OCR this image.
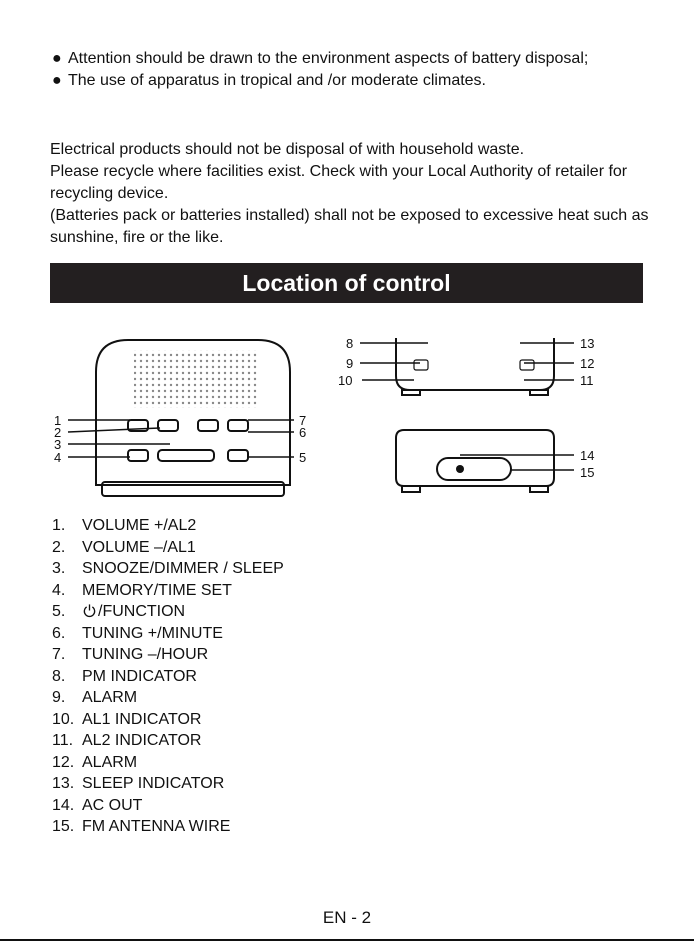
● Attention should be drawn to the environment aspects of battery disposal;
● The use of apparatus in tropical and /or moderate climates.

Electrical products should not be disposal of with household waste.

Please recycle where facilities exist. Check with your Local Authority of retailer for recycling device.

(Batteries pack or batteries installed) shall not be exposed to excessive heat such as sunshine, fire or the like.

Location of control
1
2
3
4
7
6
5
8
9
10
13
12
11
14
15
1. VOLUME +/AL2
2. VOLUME –/AL1
3. SNOOZE/DIMMER / SLEEP
4. MEMORY/TIME SET
5. /FUNCTION
6. TUNING +/MINUTE
7. TUNING –/HOUR
8. PM INDICATOR
9. ALARM
10. AL1 INDICATOR
11. AL2 INDICATOR
12. ALARM
13. SLEEP INDICATOR
14. AC OUT
15. FM ANTENNA WIRE
EN - 2
